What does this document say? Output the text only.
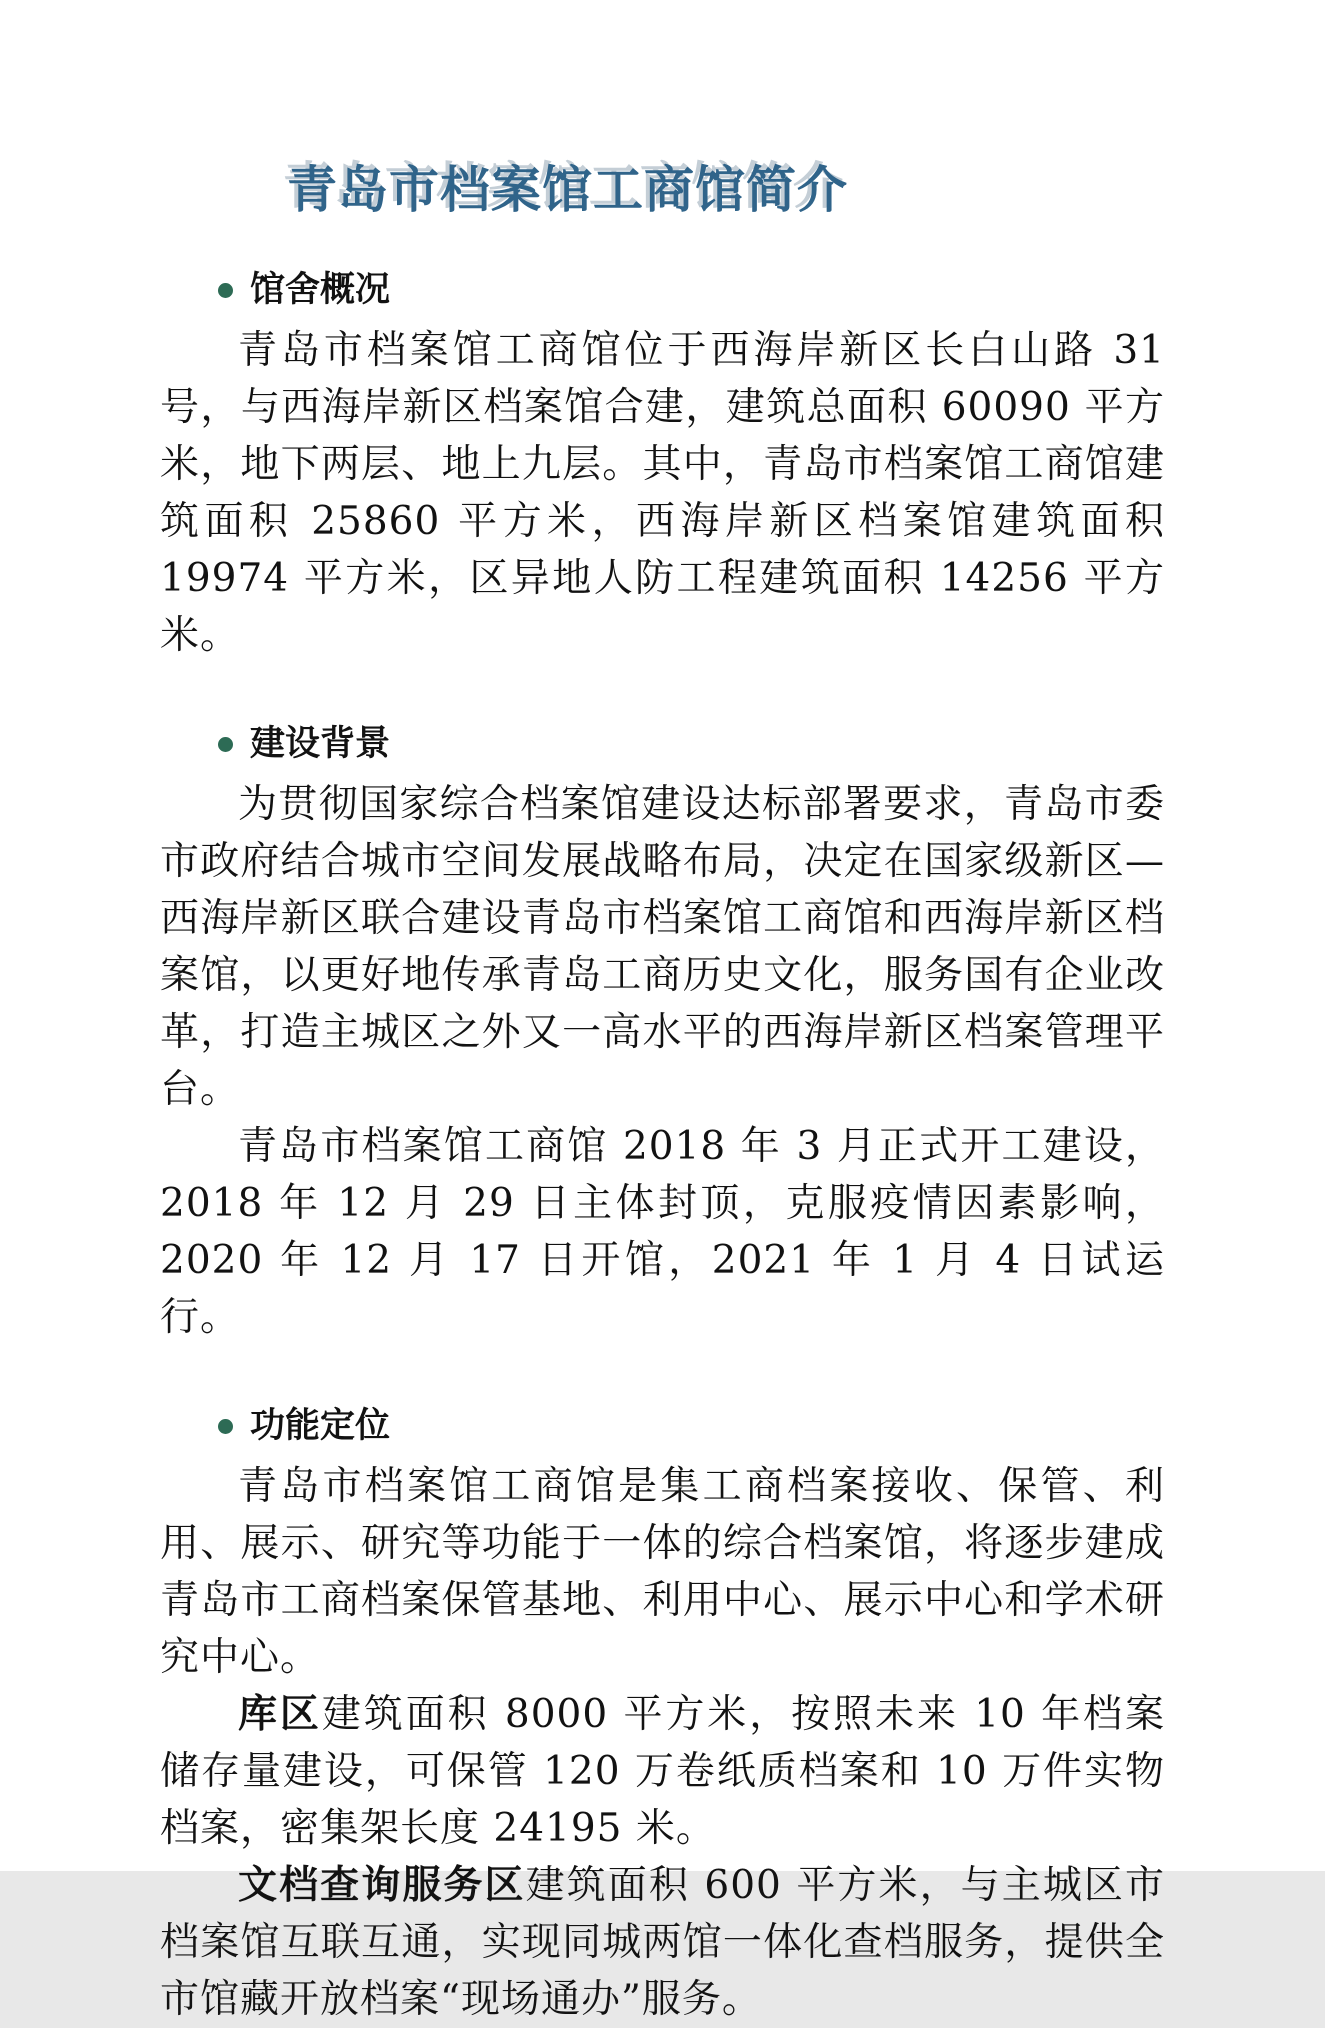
青岛市档案馆工商馆简介
馆舍概况

青岛市档案馆工商馆位于西海岸新区长白山路 31 号，与西海岸新区档案馆合建，建筑总面积 60090 平方米，地下两层、地上九层。其中，青岛市档案馆工商馆建筑面积 25860 平方米，西海岸新区档案馆建筑面积 19974 平方米，区异地人防工程建筑面积 14256 平方米。

建设背景

为贯彻国家综合档案馆建设达标部署要求，青岛市委市政府结合城市空间发展战略布局，决定在国家级新区—西海岸新区联合建设青岛市档案馆工商馆和西海岸新区档案馆，以更好地传承青岛工商历史文化，服务国有企业改革，打造主城区之外又一高水平的西海岸新区档案管理平台。

青岛市档案馆工商馆 2018 年 3 月正式开工建设，2018 年 12 月 29 日主体封顶，克服疫情因素影响，2020 年 12 月 17 日开馆，2021 年 1 月 4 日试运行。

功能定位

青岛市档案馆工商馆是集工商档案接收、保管、利用、展示、研究等功能于一体的综合档案馆，将逐步建成青岛市工商档案保管基地、利用中心、展示中心和学术研究中心。

库区建筑面积 8000 平方米，按照未来 10 年档案储存量建设，可保管 120 万卷纸质档案和 10 万件实物档案，密集架长度 24195 米。

文档查询服务区建筑面积 600 平方米，与主城区市档案馆互联互通，实现同城两馆一体化查档服务，提供全市馆藏开放档案“现场通办”服务。
